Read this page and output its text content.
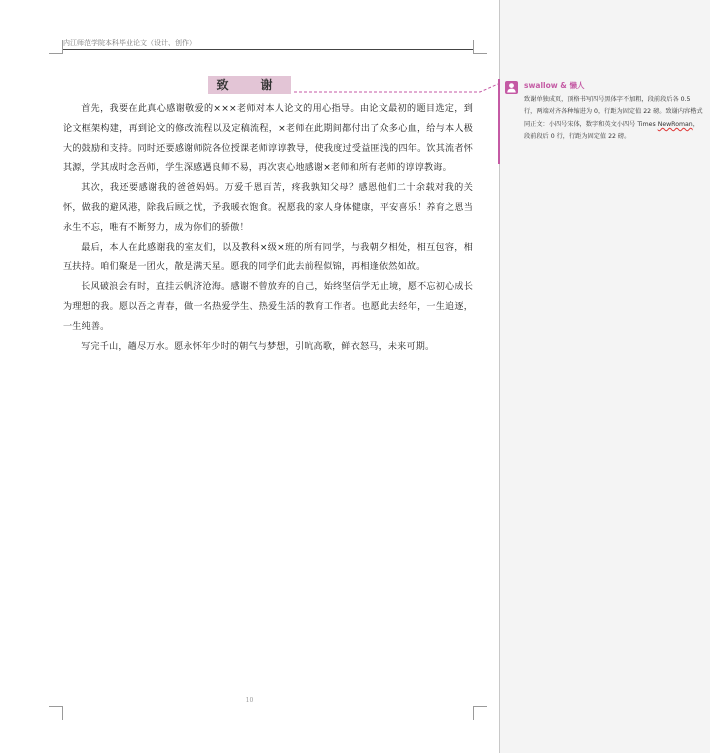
内江师范学院本科毕业论文（设计、创作）
致　谢

首先，我要在此真心感谢敬爱的×××老师对本人论文的用心指导。由论文最初的题目选定，到论文框架构建，再到论文的修改流程以及定稿流程，×老师在此期间都付出了众多心血，给与本人极大的鼓励和支持。同时还要感谢师院各位授课老师谆谆教导，使我度过受益匪浅的四年。饮其流者怀其源，学其成时念吾师，学生深感遇良师不易，再次衷心地感谢×老师和所有老师的谆谆教诲。

其次，我还要感谢我的爸爸妈妈。万爱千恩百苦，疼我孰知父母？感恩他们二十余载对我的关怀，做我的避风港，除我后顾之忧，予我暖衣饱食。祝愿我的家人身体健康，平安喜乐！养育之恩当永生不忘，唯有不断努力，成为你们的骄傲！

最后，本人在此感谢我的室友们，以及教科×级×班的所有同学，与我朝夕相处，相互包容，相互扶持。咱们聚是一团火，散是满天星。愿我的同学们此去前程似锦，再相逢依然如故。

长风破浪会有时，直挂云帆济沧海。感谢不曾放弃的自己，始终坚信学无止境，愿不忘初心成长为理想的我。愿以吾之青春，做一名热爱学生、热爱生活的教育工作者。也愿此去经年，一生追逐，一生纯善。

写完千山，趟尽万水。愿永怀年少时的朝气与梦想，引吭高歌，鲜衣怒马，未来可期。

10
swallow & 懒人
致谢单独成页，顶格书写四号黑体字不加粗，段前段后各 0.5 行，两端对齐各种缩进为 0，行距为固定值 22 磅。致谢内容楷式同正文：小四号宋体，数字和英文小四号 Times NewRoman，段前段后 0 行，行距为固定值 22 磅。
